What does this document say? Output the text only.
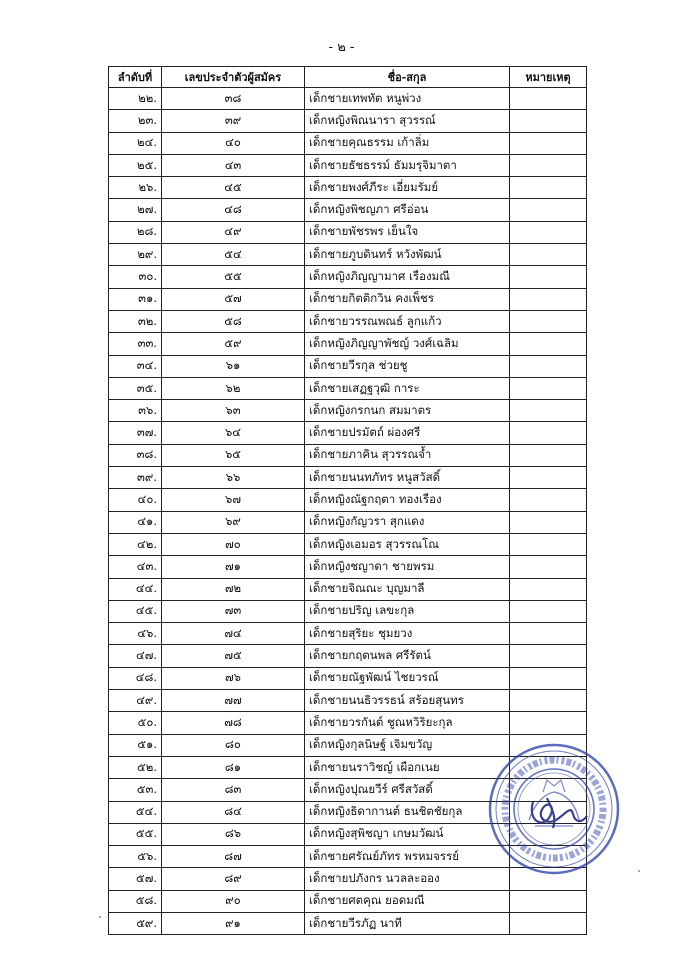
- ๒ -
ลำดับที่	เลขประจำตัวผู้สมัคร	ชื่อ-สกุล	หมายเหตุ
๒๒.	๓๘	เด็กชายเทพทัต หนูพ่วง	
๒๓.	๓๙	เด็กหญิงพิณนารา สุวรรณ์	
๒๔.	๔๐	เด็กชายคุณธรรม เก้าลิ่ม	
๒๕.	๔๓	เด็กชายธัชธรรม์ ธัมมรุจิมาตา	
๒๖.	๔๕	เด็กชายพงศ์ภีระ เอี่ยมรัมย์	
๒๗.	๔๘	เด็กหญิงพิชญภา ศรีอ่อน	
๒๘.	๔๙	เด็กชายพัชรพร เย็นใจ	
๒๙.	๕๔	เด็กชายภูบดินทร์ หวังพัฒน์	
๓๐.	๕๕	เด็กหญิงภิญญามาศ เรืองมณี	
๓๑.	๕๗	เด็กชายกิตติกวิน คงเพ็ชร	
๓๒.	๕๘	เด็กชายวรรณพณธ์ ลูกแก้ว	
๓๓.	๕๙	เด็กหญิงภิญญาพัชญ์ วงศ์เฉลิม	
๓๔.	๖๑	เด็กชายวีรกุล ช่วยชู	
๓๕.	๖๒	เด็กชายเสฏฐวุฒิ การะ	
๓๖.	๖๓	เด็กหญิงกรกนก สมมาตร	
๓๗.	๖๔	เด็กชายปรมัตถ์ ผ่องศรี	
๓๘.	๖๕	เด็กชายภาคิน สุวรรณจ้ำ	
๓๙.	๖๖	เด็กชายนนทภัทร หนูสวัสดิ์	
๔๐.	๖๗	เด็กหญิงณัฐกฤตา ทองเรือง	
๔๑.	๖๙	เด็กหญิงกัญวรา สุกแดง	
๔๒.	๗๐	เด็กหญิงเอมอร สุวรรณโณ	
๔๓.	๗๑	เด็กหญิงชญาดา ชายพรม	
๔๔.	๗๒	เด็กชายจิณณะ บุญมาลี	
๔๕.	๗๓	เด็กชายปริญ เลขะกุล	
๔๖.	๗๔	เด็กชายสุริยะ ชุมยวง	
๔๗.	๗๕	เด็กชายกฤตนพล ศรีรัตน์	
๔๘.	๗๖	เด็กชายณัฐพัฒน์ ไชยวรณ์	
๔๙.	๗๗	เด็กชายนนธิวรรธน์ สร้อยสุนทร	
๕๐.	๗๘	เด็กชายวรกันต์ ชูณหวิริยะกุล	
๕๑.	๘๐	เด็กหญิงกุลนิษฐ์ เจิมขวัญ	
๕๒.	๘๑	เด็กชายนราวิชญ์ เผือกเนย	
๕๓.	๘๓	เด็กหญิงปุณยวีร์ ศรีสวัสดิ์	
๕๔.	๘๔	เด็กหญิงธิดากานต์ ธนชิตชัยกุล	
๕๕.	๘๖	เด็กหญิงสุพิชญา เกษมวัฒน์	
๕๖.	๘๗	เด็กชายศรัณย์ภัทร พรหมจรรย์	
๕๗.	๘๙	เด็กชายปภังกร นวลละออง	
๕๘.	๙๐	เด็กชายศตคุณ ยอดมณี	
๕๙.	๙๑	เด็กชายวีรภัฏ นาที	
